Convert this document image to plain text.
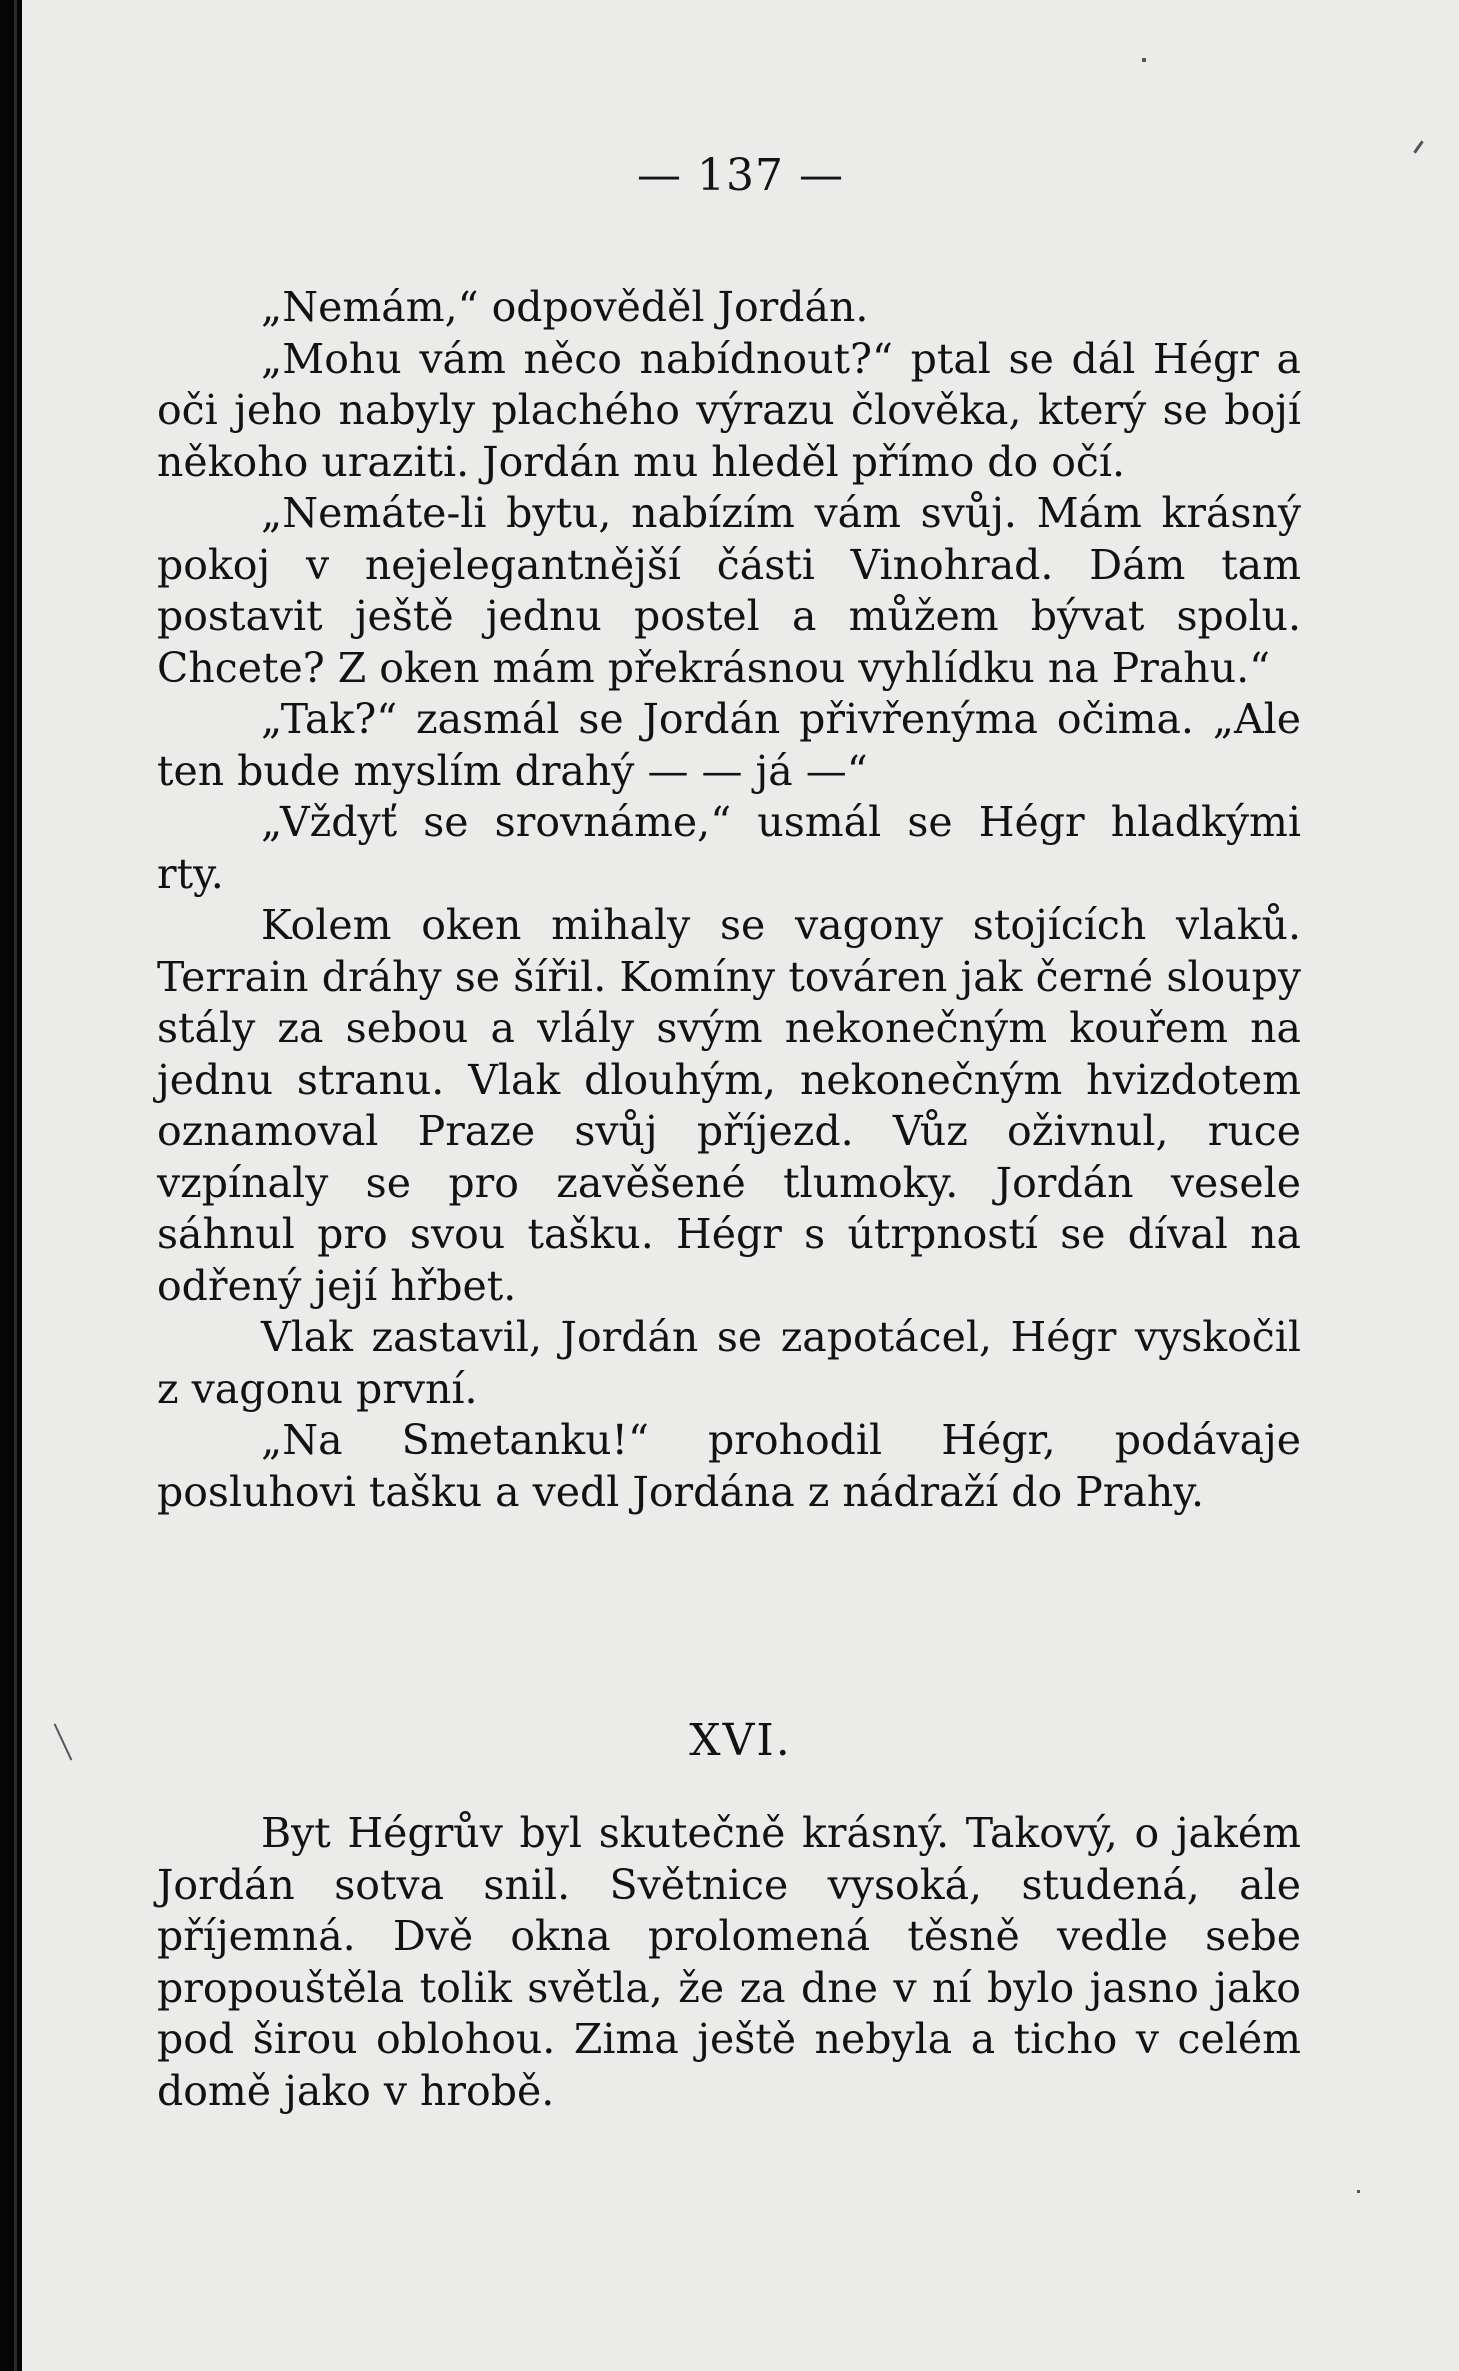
— 137 —

„Nemám,“ odpověděl Jordán.

„Mohu vám něco nabídnout?“ ptal se dál Hégr a oči jeho nabyly plachého výrazu člověka, který se bojí někoho uraziti. Jordán mu hleděl přímo do očí.

„Nemáte-li bytu, nabízím vám svůj. Mám krásný pokoj v nejelegantnější části Vinohrad. Dám tam postavit ještě jednu postel a můžem bývat spolu. Chcete? Z oken mám překrásnou vyhlídku na Prahu.“

„Tak?“ zasmál se Jordán přivřenýma očima. „Ale ten bude myslím drahý — — já —“

„Vždyť se srovnáme,“ usmál se Hégr hladkými rty.

Kolem oken mihaly se vagony stojících vlaků. Terrain dráhy se šířil. Komíny továren jak černé sloupy stály za sebou a vlály svým nekonečným kouřem na jednu stranu. Vlak dlouhým, nekonečným hvizdotem oznamoval Praze svůj příjezd. Vůz oživnul, ruce vzpínaly se pro zavěšené tlumoky. Jordán vesele sáhnul pro svou tašku. Hégr s útrpností se díval na odřený její hřbet.

Vlak zastavil, Jordán se zapotácel, Hégr vyskočil z vagonu první.

„Na Smetanku!“ prohodil Hégr, podávaje posluhovi tašku a vedl Jordána z nádraží do Prahy.

XVI.

Byt Hégrův byl skutečně krásný. Takový, o jakém Jordán sotva snil. Světnice vysoká, studená, ale příjemná. Dvě okna prolomená těsně vedle sebe propouštěla tolik světla, že za dne v ní bylo jasno jako pod širou oblohou. Zima ještě nebyla a ticho v celém domě jako v hrobě.
